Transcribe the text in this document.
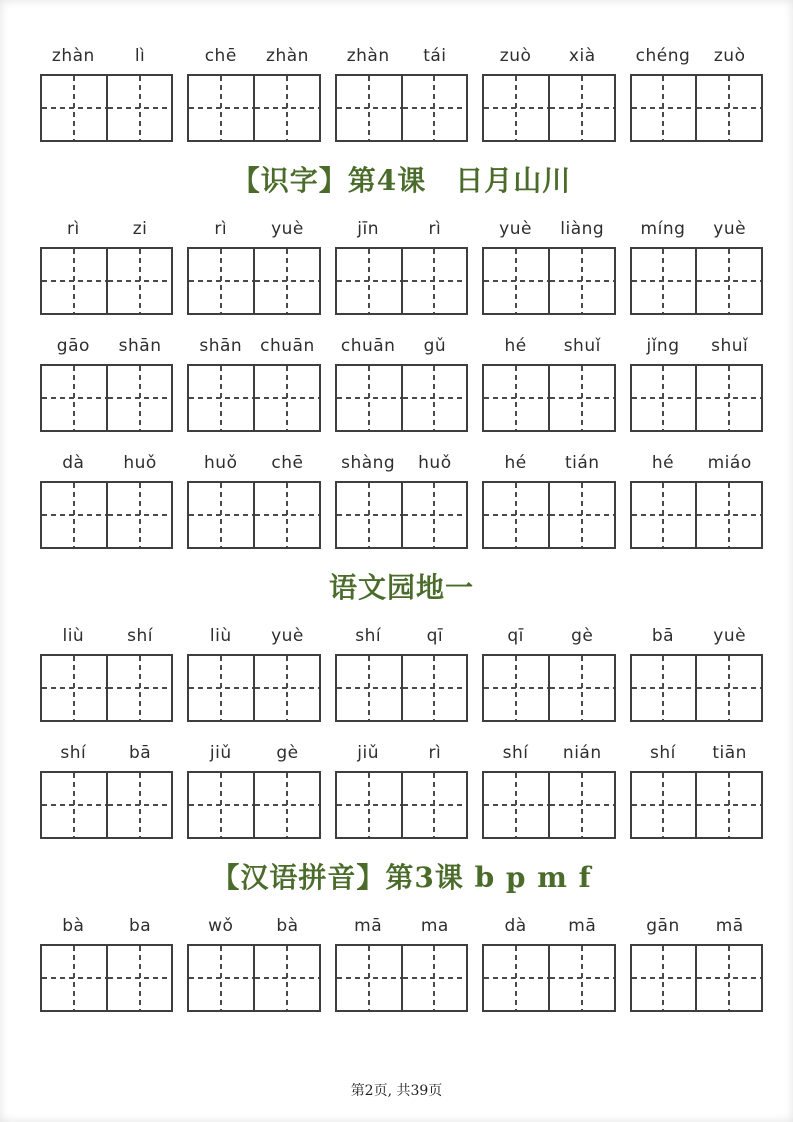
zhàn	lì	chē	zhàn	zhàn	tái	zuò	xià	chéng	zuò
【识字】第4课　日月山川
rì	zi	rì	yuè	jīn	rì	yuè	liàng	míng	yuè
gāo	shān	shān	chuān	chuān	gǔ	hé	shuǐ	jǐng	shuǐ
dà	huǒ	huǒ	chē	shàng	huǒ	hé	tián	hé	miáo
语文园地一
liù	shí	liù	yuè	shí	qī	qī	gè	bā	yuè
shí	bā	jiǔ	gè	jiǔ	rì	shí	nián	shí	tiān
【汉语拼音】第3课 b p m f
bà	ba	wǒ	bà	mā	ma	dà	mā	gān	mā
第2页, 共39页
